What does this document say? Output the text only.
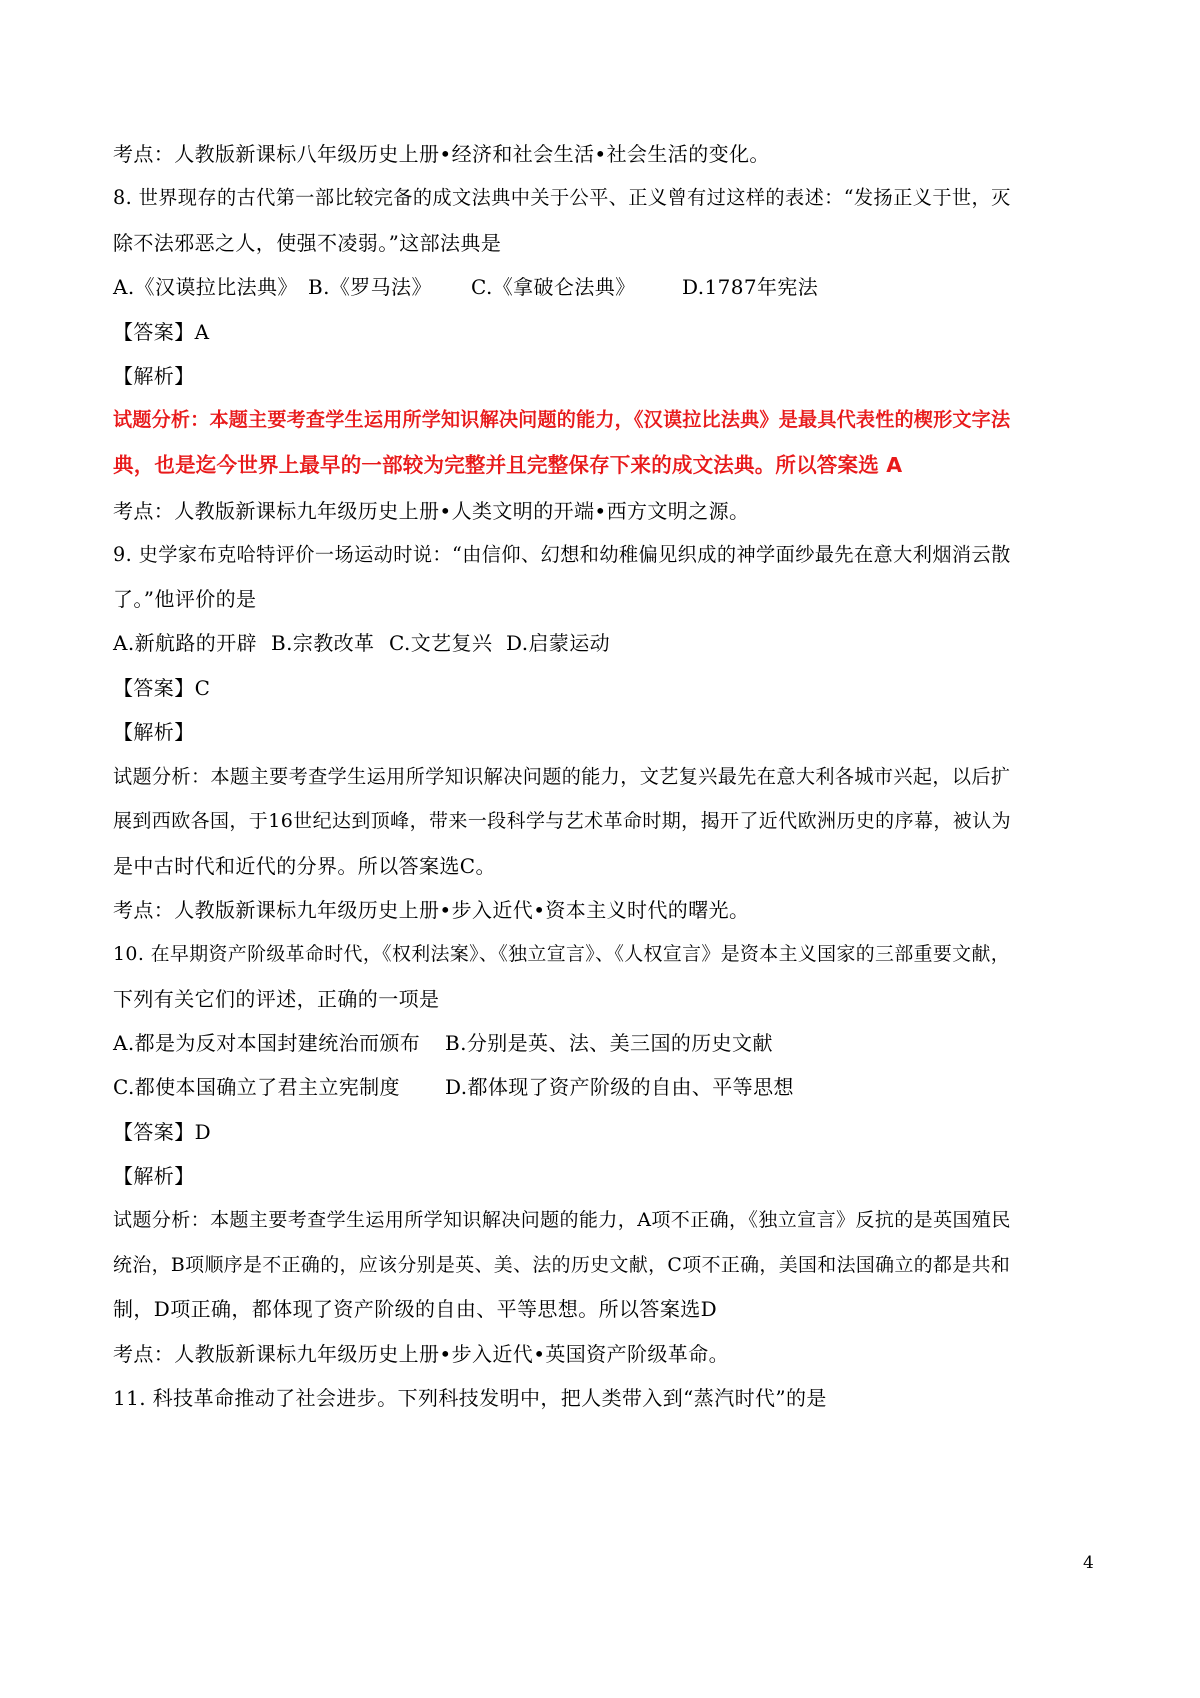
考点：人教版新课标八年级历史上册•经济和社会生活•社会生活的变化。
8. 世界现存的古代第一部比较完备的成文法典中关于公平、正义曾有过这样的表述：“发扬正义于世，灭
除不法邪恶之人，使强不凌弱。”这部法典是
A.《汉谟拉比法典》 B.《罗马法》 C.《拿破仑法典》 D.1787年宪法
【答案】A
【解析】
试题分析：本题主要考查学生运用所学知识解决问题的能力，《汉谟拉比法典》是最具代表性的楔形文字法
典，也是迄今世界上最早的一部较为完整并且完整保存下来的成文法典。所以答案选 A
考点：人教版新课标九年级历史上册•人类文明的开端•西方文明之源。
9. 史学家布克哈特评价一场运动时说：“由信仰、幻想和幼稚偏见织成的神学面纱最先在意大利烟消云散
了。”他评价的是
A.新航路的开辟 B.宗教改革 C.文艺复兴 D.启蒙运动
【答案】C
【解析】
试题分析：本题主要考查学生运用所学知识解决问题的能力，文艺复兴最先在意大利各城市兴起，以后扩
展到西欧各国，于16世纪达到顶峰，带来一段科学与艺术革命时期，揭开了近代欧洲历史的序幕，被认为
是中古时代和近代的分界。所以答案选C。
考点：人教版新课标九年级历史上册•步入近代•资本主义时代的曙光。
10. 在早期资产阶级革命时代，《权利法案》、《独立宣言》、《人权宣言》是资本主义国家的三部重要文献，
下列有关它们的评述，正确的一项是
A.都是为反对本国封建统治而颁布 B.分别是英、法、美三国的历史文献
C.都使本国确立了君主立宪制度 D.都体现了资产阶级的自由、平等思想
【答案】D
【解析】
试题分析：本题主要考查学生运用所学知识解决问题的能力，A项不正确，《独立宣言》反抗的是英国殖民
统治，B项顺序是不正确的，应该分别是英、美、法的历史文献，C项不正确，美国和法国确立的都是共和
制，D项正确，都体现了资产阶级的自由、平等思想。所以答案选D
考点：人教版新课标九年级历史上册•步入近代•英国资产阶级革命。
11. 科技革命推动了社会进步。下列科技发明中，把人类带入到“蒸汽时代”的是
4
